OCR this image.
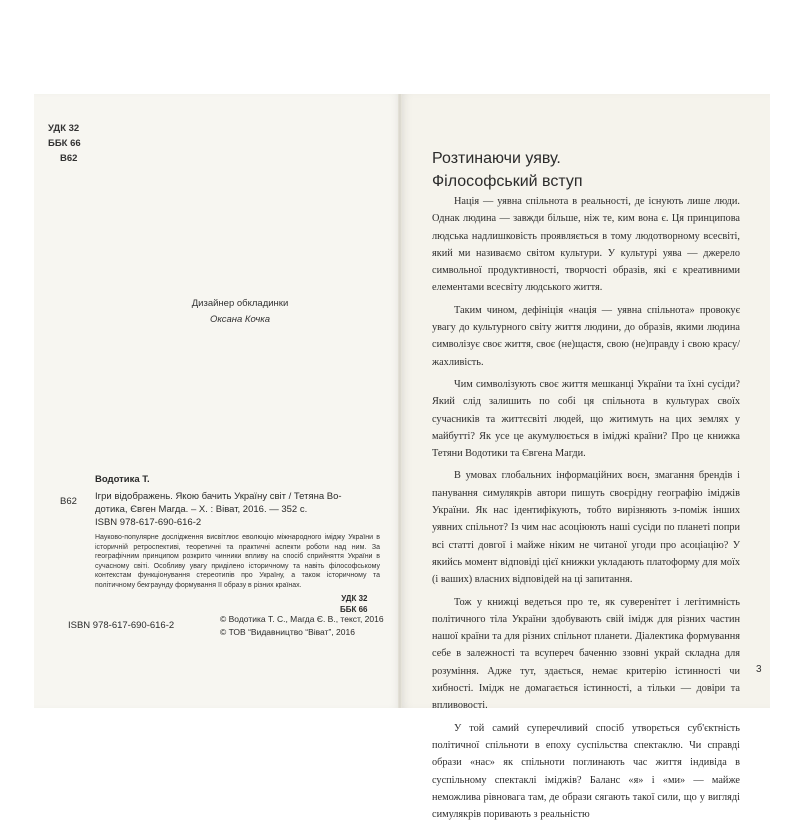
УДК 32
ББК 66
В62
Дизайнер обкладинки
Оксана Кочка
Водотика Т.
В62 Ігри відображень. Якою бачить Україну світ / Тетяна Во-
дотика, Євген Магда. – Х. : Віват, 2016. — 352 с.
ISBN 978-617-690-616-2
Науково-популярне дослідження висвітлює еволюцію міжнародного іміджу України в історичній ретроспективі, теоретичні та практичні аспекти роботи над ним. За географічним принципом розкрито чинники впливу на спосіб сприйняття України в сучасному світі. Особливу увагу приділено історичному та навіть філософському контекстам функціонування стереотипів про Україну, а також історичному та політичному бекграунду формування її образу в різних країнах.
УДК 32
ББК 66
ISBN 978-617-690-616-2
© Водотика Т. С., Магда Є. В., текст, 2016
© ТОВ “Видавництво “Віват”, 2016
Розтинаючи уяву.
Філософський вступ

Нація — уявна спільнота в реальності, де існують лише люди. Однак людина — завжди більше, ніж те, ким вона є. Ця принципова людська надлишковість проявляється в тому людотворному всесвіті, який ми називаємо світом культури. У культурі уява — джерело символьної продуктивності, творчості образів, які є креативними елементами всесвіту людського життя.

Таким чином, дефініція «нація — уявна спільнота» провокує увагу до культурного світу життя людини, до образів, якими людина символізує своє життя, своє (не)щастя, свою (не)правду і свою красу/жахливість.

Чим символізують своє життя мешканці України та їхні сусіди? Який слід залишить по собі ця спільнота в культурах своїх сучасників та життєсвіті людей, що житимуть на цих землях у майбутті? Як усе це акумулюється в іміджі країни? Про це книжка Тетяни Водотики та Євгена Магди.

В умовах глобальних інформаційних воєн, змагання брендів і панування симулякрів автори пишуть своєрідну географію іміджів України. Як нас ідентифікують, тобто вирізняють з-поміж інших уявних спільнот? Із чим нас асоціюють наші сусіди по планеті попри всі статті довгої і майже ніким не читаної угоди про асоціацію? У якийсь момент відповіді цієї книжки укладають платоформу для моїх (і ваших) власних відповідей на ці запитання.

Тож у книжці ведеться про те, як суверенітет і легітимність політичного тіла України здобувають свій імідж для різних частин нашої країни та для різних спільнот планети. Діалектика формування себе в залежності та всупереч баченню ззовні украй складна для розуміння. Адже тут, здається, немає критерію істинності чи хибності. Імідж не домагається істинності, а тільки — довіри та впливовості.

У той самий суперечливий спосіб утворється суб'єктність політичної спільноти в епоху суспільства спектаклю. Чи справді образи «нас» як спільноти поглинають час життя індивіда в суспільному спектаклі іміджів? Баланс «я» і «ми» — майже неможлива рівновага там, де образи сягають такої сили, що у вигляді симулякрів поривають з реальністю

3
